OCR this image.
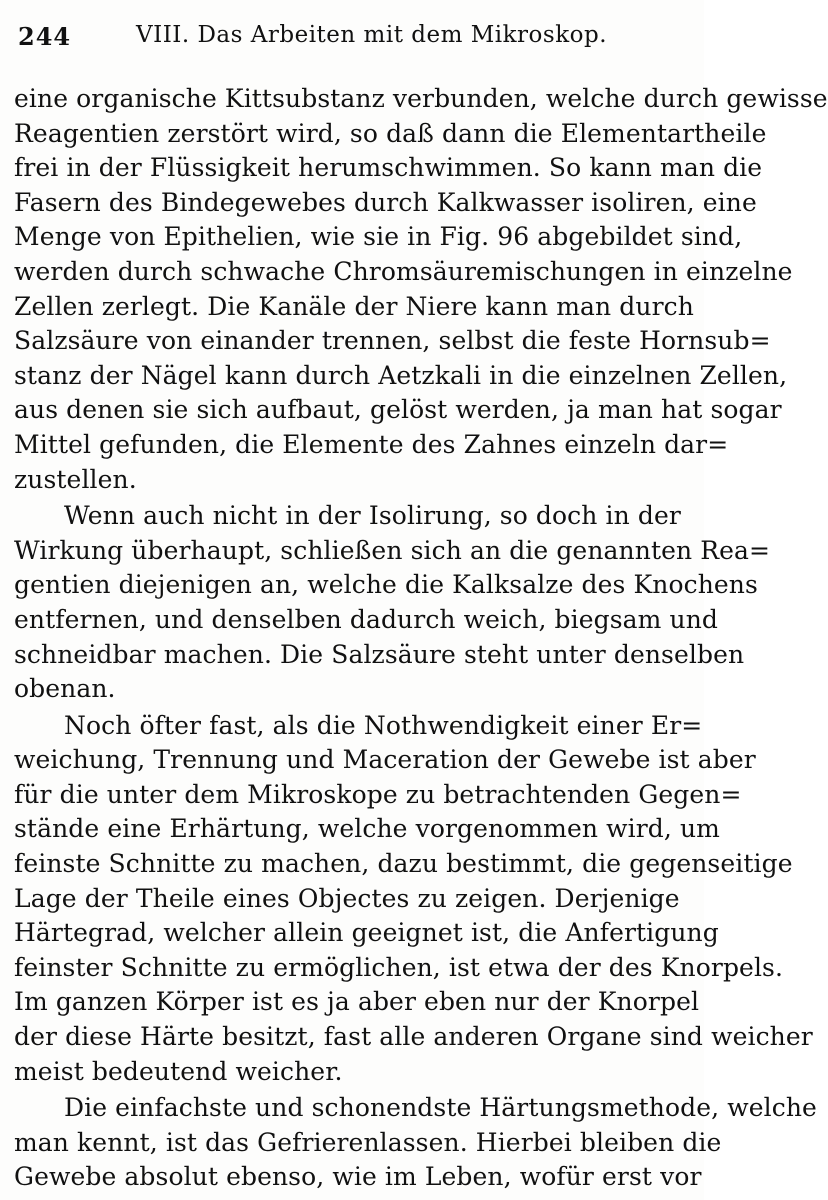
244	VIII. Das Arbeiten mit dem Mikroskop.
eine organische Kittsubstanz verbunden, welche durch gewisse
Reagentien zerstört wird, so daß dann die Elementartheile
frei in der Flüssigkeit herumschwimmen. So kann man die
Fasern des Bindegewebes durch Kalkwasser isoliren, eine
Menge von Epithelien, wie sie in Fig. 96 abgebildet sind,
werden durch schwache Chromsäuremischungen in einzelne
Zellen zerlegt. Die Kanäle der Niere kann man durch
Salzsäure von einander trennen, selbst die feste Hornsub=
stanz der Nägel kann durch Aetzkali in die einzelnen Zellen,
aus denen sie sich aufbaut, gelöst werden, ja man hat sogar
Mittel gefunden, die Elemente des Zahnes einzeln dar=
zustellen.
Wenn auch nicht in der Isolirung, so doch in der
Wirkung überhaupt, schließen sich an die genannten Rea=
gentien diejenigen an, welche die Kalksalze des Knochens
entfernen, und denselben dadurch weich, biegsam und
schneidbar machen. Die Salzsäure steht unter denselben
obenan.
Noch öfter fast, als die Nothwendigkeit einer Er=
weichung, Trennung und Maceration der Gewebe ist aber
für die unter dem Mikroskope zu betrachtenden Gegen=
stände eine Erhärtung, welche vorgenommen wird, um
feinste Schnitte zu machen, dazu bestimmt, die gegenseitige
Lage der Theile eines Objectes zu zeigen. Derjenige
Härtegrad, welcher allein geeignet ist, die Anfertigung
feinster Schnitte zu ermöglichen, ist etwa der des Knorpels.
Im ganzen Körper ist es ja aber eben nur der Knorpel
der diese Härte besitzt, fast alle anderen Organe sind weicher
meist bedeutend weicher.
Die einfachste und schonendste Härtungsmethode, welche
man kennt, ist das Gefrierenlassen. Hierbei bleiben die
Gewebe absolut ebenso, wie im Leben, wofür erst vor
